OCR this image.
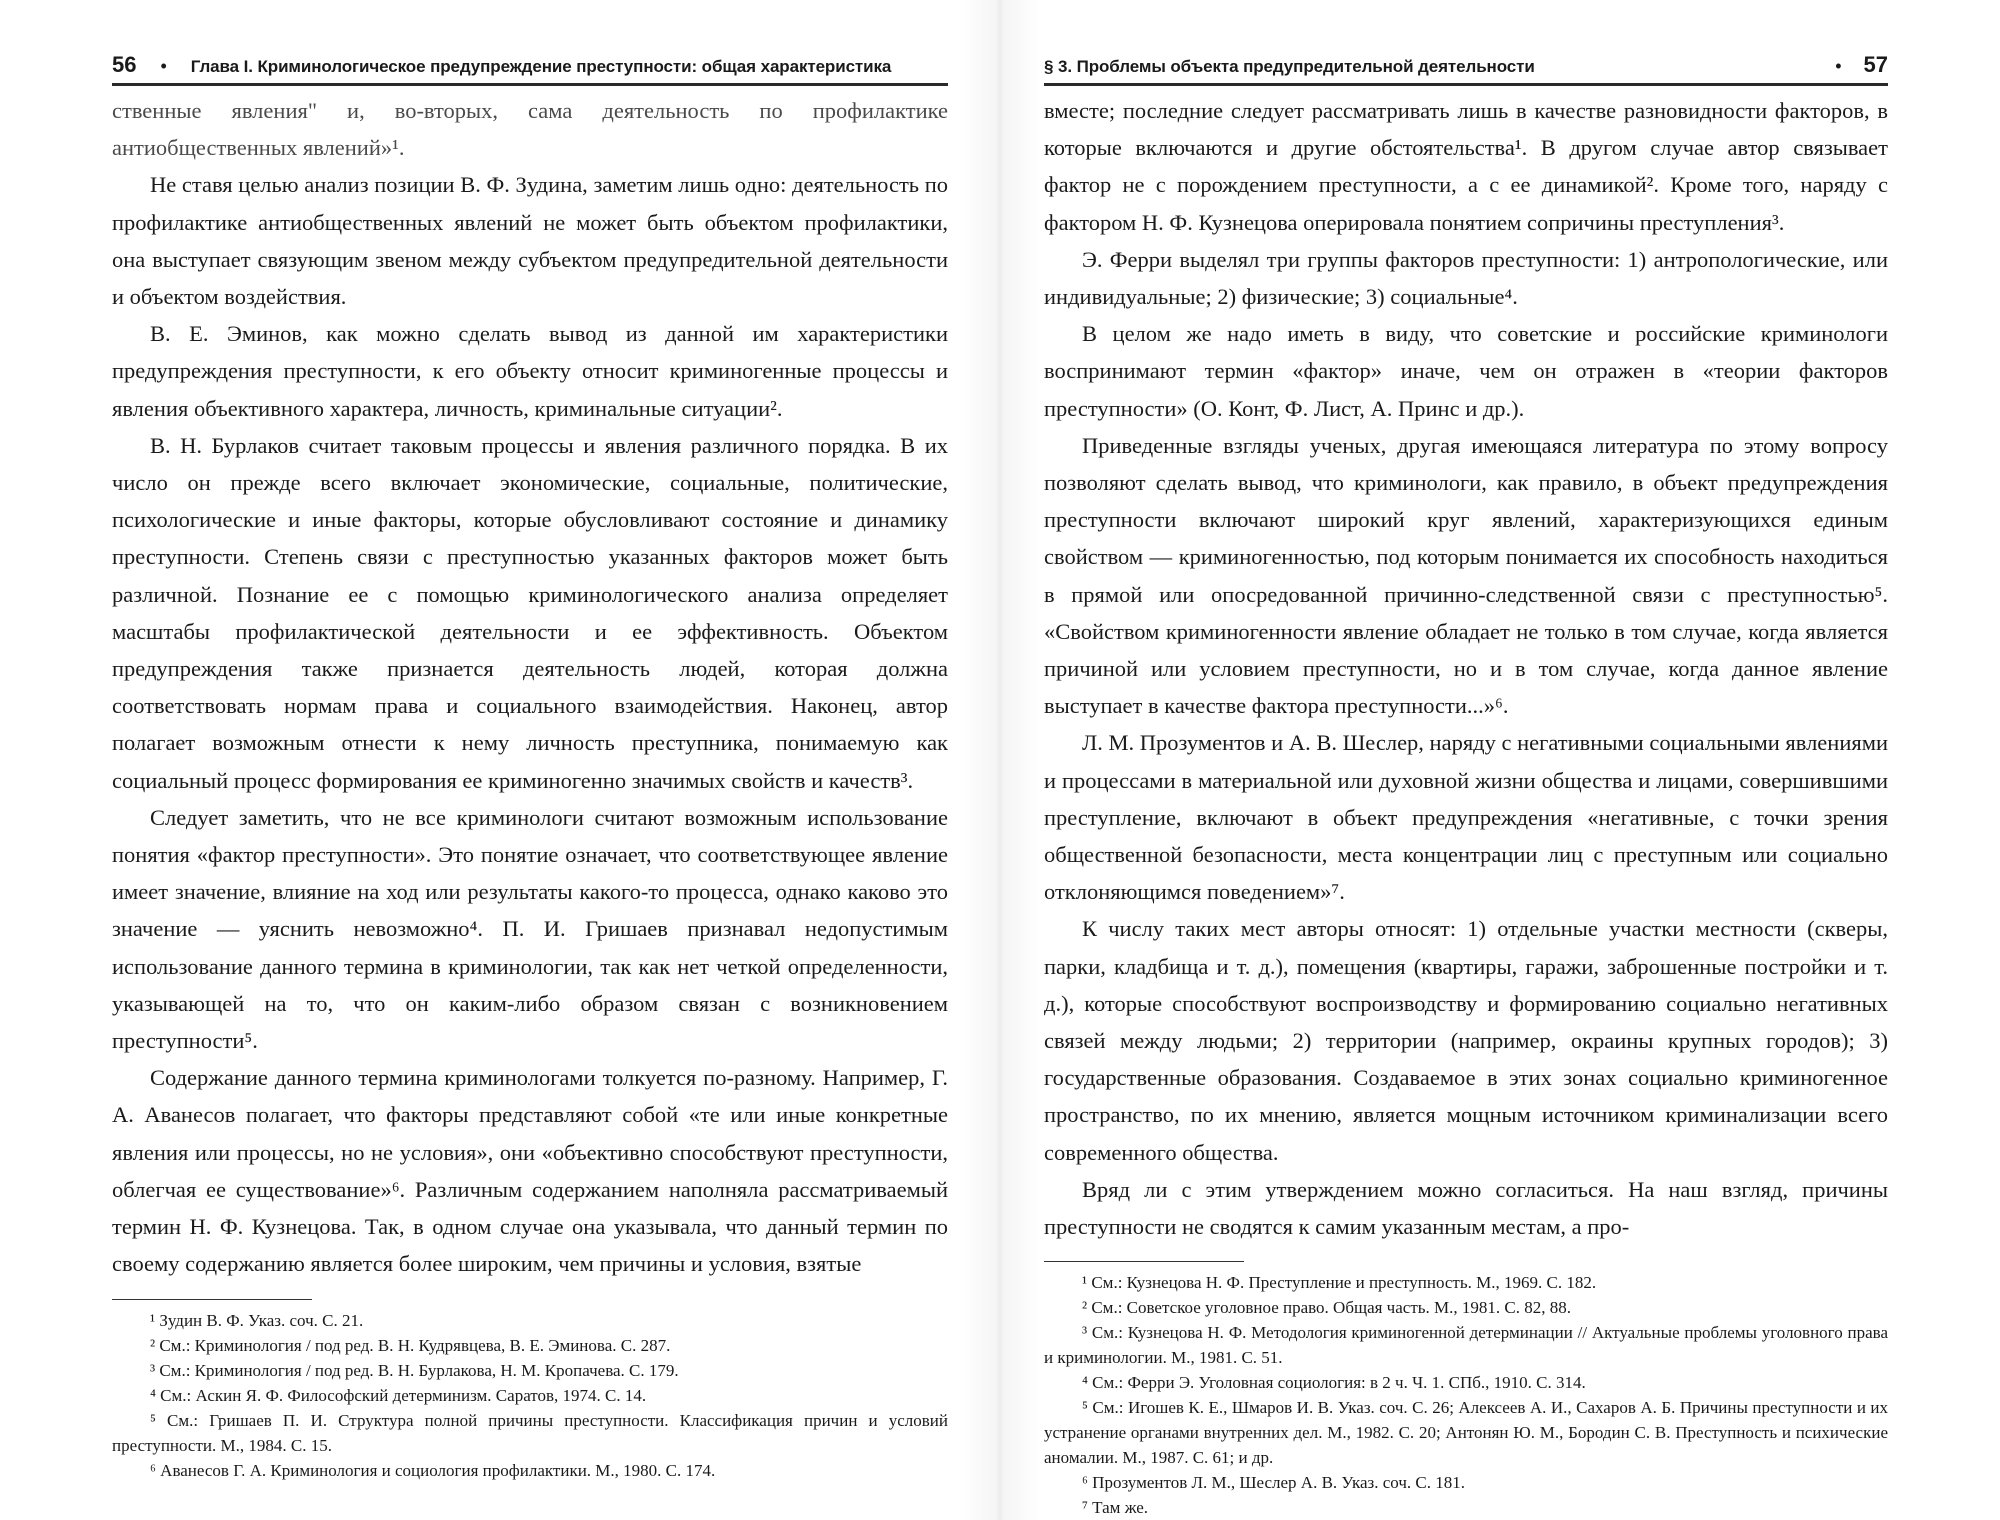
56 • Глава I. Криминологическое предупреждение преступности: общая характеристика

ственные явления" и, во-вторых, сама деятельность по профилактике антиобщественных явлений»¹.

Не ставя целью анализ позиции В. Ф. Зудина, заметим лишь одно: деятельность по профилактике антиобщественных явлений не может быть объектом профилактики, она выступает связующим звеном между субъектом предупредительной деятельности и объектом воздействия.

В. Е. Эминов, как можно сделать вывод из данной им характеристики предупреждения преступности, к его объекту относит криминогенные процессы и явления объективного характера, личность, криминальные ситуации².

В. Н. Бурлаков считает таковым процессы и явления различного порядка. В их число он прежде всего включает экономические, социальные, политические, психологические и иные факторы, которые обусловливают состояние и динамику преступности. Степень связи с преступностью указанных факторов может быть различной. Познание ее с помощью криминологического анализа определяет масштабы профилактической деятельности и ее эффективность. Объектом предупреждения также признается деятельность людей, которая должна соответствовать нормам права и социального взаимодействия. Наконец, автор полагает возможным отнести к нему личность преступника, понимаемую как социальный процесс формирования ее криминогенно значимых свойств и качеств³.

Следует заметить, что не все криминологи считают возможным использование понятия «фактор преступности». Это понятие означает, что соответствующее явление имеет значение, влияние на ход или результаты какого-то процесса, однако каково это значение — уяснить невозможно⁴. П. И. Гришаев признавал недопустимым использование данного термина в криминологии, так как нет четкой определенности, указывающей на то, что он каким-либо образом связан с возникновением преступности⁵.

Содержание данного термина криминологами толкуется по-разному. Например, Г. А. Аванесов полагает, что факторы представляют собой «те или иные конкретные явления или процессы, но не условия», они «объективно способствуют преступности, облегчая ее существование»⁶. Различным содержанием наполняла рассматриваемый термин Н. Ф. Кузнецова. Так, в одном случае она указывала, что данный термин по своему содержанию является более широким, чем причины и условия, взятые

¹ Зудин В. Ф. Указ. соч. С. 21.

² См.: Криминология / под ред. В. Н. Кудрявцева, В. Е. Эминова. С. 287.

³ См.: Криминология / под ред. В. Н. Бурлакова, Н. М. Кропачева. С. 179.

⁴ См.: Аскин Я. Ф. Философский детерминизм. Саратов, 1974. С. 14.

⁵ См.: Гришаев П. И. Структура полной причины преступности. Классификация причин и условий преступности. М., 1984. С. 15.

⁶ Аванесов Г. А. Криминология и социология профилактики. М., 1980. С. 174.

§ 3. Проблемы объекта предупредительной деятельности	• 57

вместе; последние следует рассматривать лишь в качестве разновидности факторов, в которые включаются и другие обстоятельства¹. В другом случае автор связывает фактор не с порождением преступности, а с ее динамикой². Кроме того, наряду с фактором Н. Ф. Кузнецова оперировала понятием сопричины преступления³.

Э. Ферри выделял три группы факторов преступности: 1) антропологические, или индивидуальные; 2) физические; 3) социальные⁴.

В целом же надо иметь в виду, что советские и российские криминологи воспринимают термин «фактор» иначе, чем он отражен в «теории факторов преступности» (О. Конт, Ф. Лист, А. Принс и др.).

Приведенные взгляды ученых, другая имеющаяся литература по этому вопросу позволяют сделать вывод, что криминологи, как правило, в объект предупреждения преступности включают широкий круг явлений, характеризующихся единым свойством — криминогенностью, под которым понимается их способность находиться в прямой или опосредованной причинно-следственной связи с преступностью⁵. «Свойством криминогенности явление обладает не только в том случае, когда является причиной или условием преступности, но и в том случае, когда данное явление выступает в качестве фактора преступности...»⁶.

Л. М. Прозументов и А. В. Шеслер, наряду с негативными социальными явлениями и процессами в материальной или духовной жизни общества и лицами, совершившими преступление, включают в объект предупреждения «негативные, с точки зрения общественной безопасности, места концентрации лиц с преступным или социально отклоняющимся поведением»⁷.

К числу таких мест авторы относят: 1) отдельные участки местности (скверы, парки, кладбища и т. д.), помещения (квартиры, гаражи, заброшенные постройки и т. д.), которые способствуют воспроизводству и формированию социально негативных связей между людьми; 2) территории (например, окраины крупных городов); 3) государственные образования. Создаваемое в этих зонах социально криминогенное пространство, по их мнению, является мощным источником криминализации всего современного общества.

Вряд ли с этим утверждением можно согласиться. На наш взгляд, причины преступности не сводятся к самим указанным местам, а про-

¹ См.: Кузнецова Н. Ф. Преступление и преступность. М., 1969. С. 182.

² См.: Советское уголовное право. Общая часть. М., 1981. С. 82, 88.

³ См.: Кузнецова Н. Ф. Методология криминогенной детерминации // Актуальные проблемы уголовного права и криминологии. М., 1981. С. 51.

⁴ См.: Ферри Э. Уголовная социология: в 2 ч. Ч. 1. СПб., 1910. С. 314.

⁵ См.: Игошев К. Е., Шмаров И. В. Указ. соч. С. 26; Алексеев А. И., Сахаров А. Б. Причины преступности и их устранение органами внутренних дел. М., 1982. С. 20; Антонян Ю. М., Бородин С. В. Преступность и психические аномалии. М., 1987. С. 61; и др.

⁶ Прозументов Л. М., Шеслер А. В. Указ. соч. С. 181.

⁷ Там же.
